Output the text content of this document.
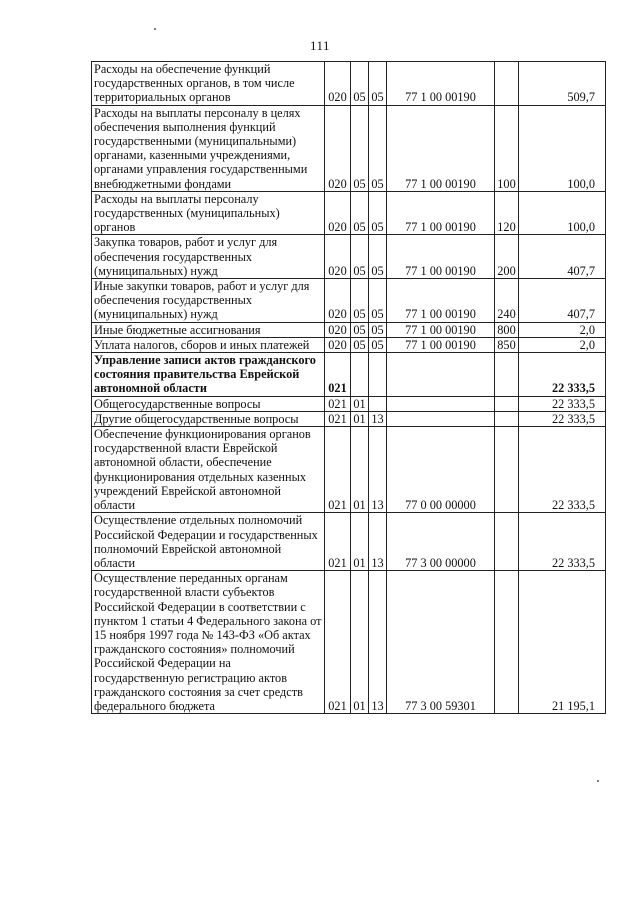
111
Расходы на обеспечение функций государственных органов, в том числе территориальных органов	020	05	05	77 1 00 00190		509,7
Расходы на выплаты персоналу в целях обеспечения выполнения функций государственными (муниципальными) органами, казенными учреждениями, органами управления государственными внебюджетными фондами	020	05	05	77 1 00 00190	100	100,0
Расходы на выплаты персоналу государственных (муниципальных) органов	020	05	05	77 1 00 00190	120	100,0
Закупка товаров, работ и услуг для обеспечения государственных (муниципальных) нужд	020	05	05	77 1 00 00190	200	407,7
Иные закупки товаров, работ и услуг для обеспечения государственных (муниципальных) нужд	020	05	05	77 1 00 00190	240	407,7
Иные бюджетные ассигнования	020	05	05	77 1 00 00190	800	2,0
Уплата налогов, сборов и иных платежей	020	05	05	77 1 00 00190	850	2,0
Управление записи актов гражданского состояния правительства Еврейской автономной области	021					22 333,5
Общегосударственные вопросы	021	01				22 333,5
Другие общегосударственные вопросы	021	01	13			22 333,5
Обеспечение функционирования органов государственной власти Еврейской автономной области, обеспечение функционирования отдельных казенных учреждений Еврейской автономной области	021	01	13	77 0 00 00000		22 333,5
Осуществление отдельных полномочий Российской Федерации и государственных полномочий Еврейской автономной области	021	01	13	77 3 00 00000		22 333,5
Осуществление переданных органам государственной власти субъектов Российской Федерации в соответствии с пунктом 1 статьи 4 Федерального закона от 15 ноября 1997 года № 143-ФЗ «Об актах гражданского состояния» полномочий Российской Федерации на государственную регистрацию актов гражданского состояния за счет средств федерального бюджета	021	01	13	77 3 00 59301		21 195,1
